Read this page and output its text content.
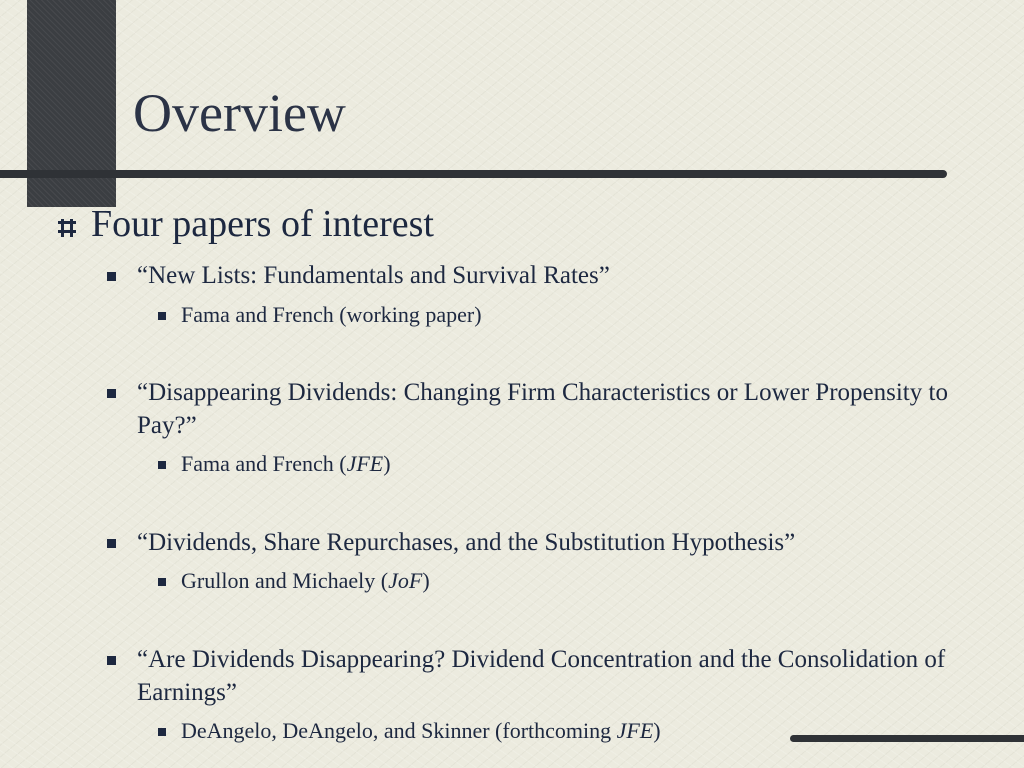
Overview
Four papers of interest
“New Lists: Fundamentals and Survival Rates”
Fama and French (working paper)
“Disappearing Dividends: Changing Firm Characteristics or Lower Propensity to Pay?”
Fama and French (JFE)
“Dividends, Share Repurchases, and the Substitution Hypothesis”
Grullon and Michaely (JoF)
“Are Dividends Disappearing? Dividend Concentration and the Consolidation of Earnings”
DeAngelo, DeAngelo, and Skinner (forthcoming JFE)
